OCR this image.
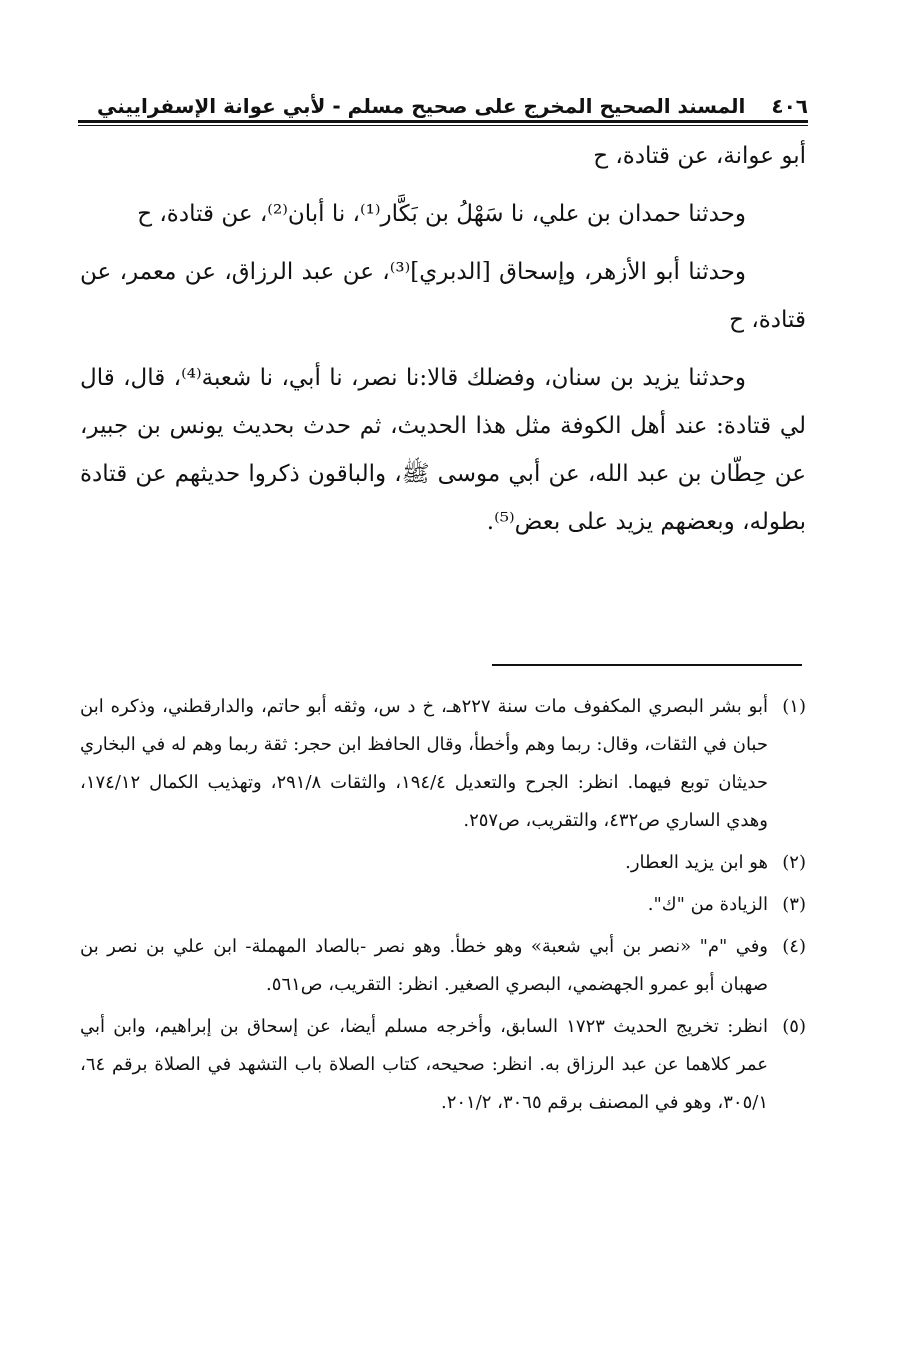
٤٠٦
المسند الصحيح المخرج على صحيح مسلم - لأبي عوانة الإسفراييني

أبو عوانة، عن قتادة، ح

وحدثنا حمدان بن علي، نا سَهْلُ بن بَكَّار⁽¹⁾، نا أبان⁽²⁾، عن قتادة، ح

وحدثنا أبو الأزهر، وإسحاق [الدبري]⁽³⁾، عن عبد الرزاق، عن معمر، عن قتادة، ح

وحدثنا يزيد بن سنان، وفضلك قالا:نا نصر، نا أبي، نا شعبة⁽⁴⁾، قال، قال لي قتادة: عند أهل الكوفة مثل هذا الحديث، ثم حدث بحديث يونس بن جبير، عن حِطّان بن عبد الله، عن أبي موسى ﷺ، والباقون ذكروا حديثهم عن قتادة بطوله، وبعضهم يزيد على بعض⁽⁵⁾.

(١)
أبو بشر البصري المكفوف مات سنة ٢٢٧هـ، خ د س، وثقه أبو حاتم، والدارقطني، وذكره ابن حبان في الثقات، وقال: ربما وهم وأخطأ، وقال الحافظ ابن حجر: ثقة ربما وهم له في البخاري حديثان توبع فيهما. انظر: الجرح والتعديل ١٩٤/٤، والثقات ٢٩١/٨، وتهذيب الكمال ١٧٤/١٢، وهدي الساري ص٤٣٢، والتقريب، ص٢٥٧.

(٢)
هو ابن يزيد العطار.

(٣)
الزيادة من "ك".

(٤)
وفي "م" «نصر بن أبي شعبة» وهو خطأ. وهو نصر -بالصاد المهملة- ابن علي بن نصر بن صهبان أبو عمرو الجهضمي، البصري الصغير. انظر: التقريب، ص٥٦١.

(٥)
انظر: تخريج الحديث ١٧٢٣ السابق، وأخرجه مسلم أيضا، عن إسحاق بن إبراهيم، وابن أبي عمر كلاهما عن عبد الرزاق به. انظر: صحيحه، كتاب الصلاة باب التشهد في الصلاة برقم ٦٤، ٣٠٥/١، وهو في المصنف برقم ٣٠٦٥، ٢٠١/٢.
